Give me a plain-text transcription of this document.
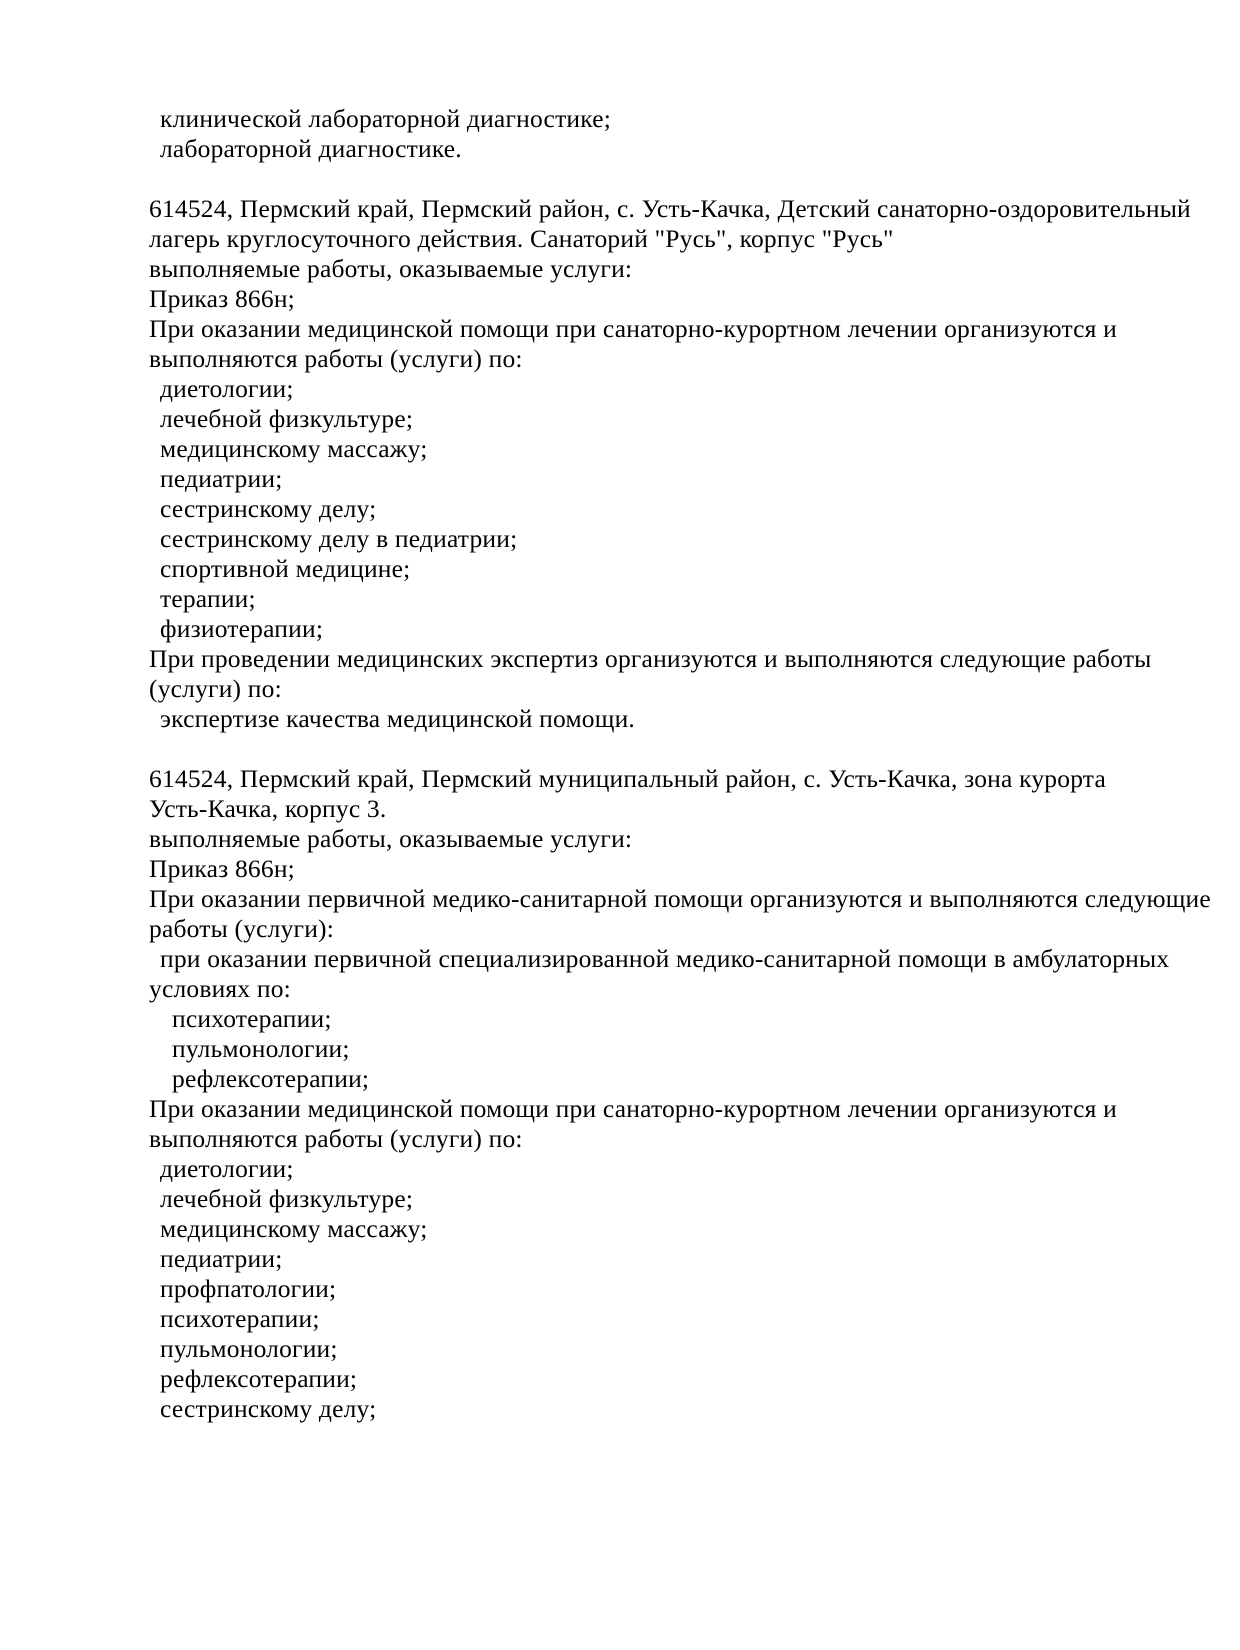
клинической лабораторной диагностике;
лабораторной диагностике.
614524, Пермский край, Пермский район, с. Усть-Качка, Детский санаторно-оздоровительный
лагерь круглосуточного действия. Санаторий "Русь", корпус "Русь"
выполняемые работы, оказываемые услуги:
Приказ 866н;
При оказании медицинской помощи при санаторно-курортном лечении организуются и
выполняются работы (услуги) по:
диетологии;
лечебной физкультуре;
медицинскому массажу;
педиатрии;
сестринскому делу;
сестринскому делу в педиатрии;
спортивной медицине;
терапии;
физиотерапии;
При проведении медицинских экспертиз организуются и выполняются следующие работы
(услуги) по:
экспертизе качества медицинской помощи.
614524, Пермский край, Пермский муниципальный район, с. Усть-Качка, зона курорта
Усть-Качка, корпус 3.
выполняемые работы, оказываемые услуги:
Приказ 866н;
При оказании первичной медико-санитарной помощи организуются и выполняются следующие
работы (услуги):
при оказании первичной специализированной медико-санитарной помощи в амбулаторных
условиях по:
психотерапии;
пульмонологии;
рефлексотерапии;
При оказании медицинской помощи при санаторно-курортном лечении организуются и
выполняются работы (услуги) по:
диетологии;
лечебной физкультуре;
медицинскому массажу;
педиатрии;
профпатологии;
психотерапии;
пульмонологии;
рефлексотерапии;
сестринскому делу;
